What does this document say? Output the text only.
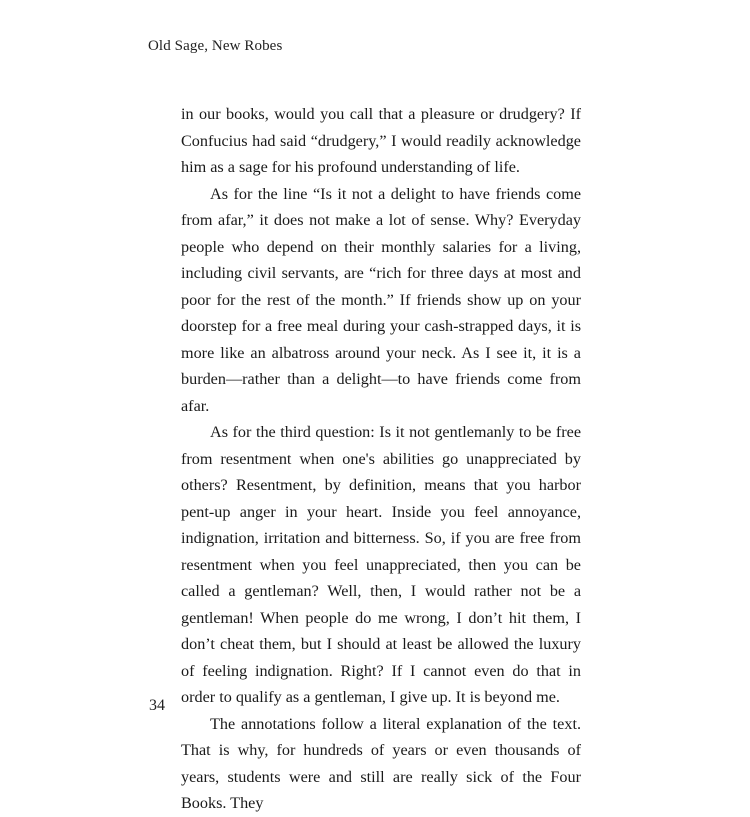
Old Sage, New Robes

in our books, would you call that a pleasure or drudgery? If Confucius had said “drudgery,” I would readily acknowledge him as a sage for his profound understanding of life.

As for the line “Is it not a delight to have friends come from afar,” it does not make a lot of sense. Why? Everyday people who depend on their monthly salaries for a living, including civil servants, are “rich for three days at most and poor for the rest of the month.” If friends show up on your doorstep for a free meal during your cash-strapped days, it is more like an albatross around your neck. As I see it, it is a burden—rather than a delight—to have friends come from afar.

As for the third question: Is it not gentlemanly to be free from resentment when one's abilities go unappreciated by others? Resentment, by definition, means that you harbor pent-up anger in your heart. Inside you feel annoyance, indignation, irritation and bitterness. So, if you are free from resentment when you feel unappreciated, then you can be called a gentleman? Well, then, I would rather not be a gentleman! When people do me wrong, I don’t hit them, I don’t cheat them, but I should at least be allowed the luxury of feeling indignation. Right? If I cannot even do that in order to qualify as a gentleman, I give up. It is beyond me.

The annotations follow a literal explanation of the text. That is why, for hundreds of years or even thousands of years, students were and still are really sick of the Four Books. They

34
